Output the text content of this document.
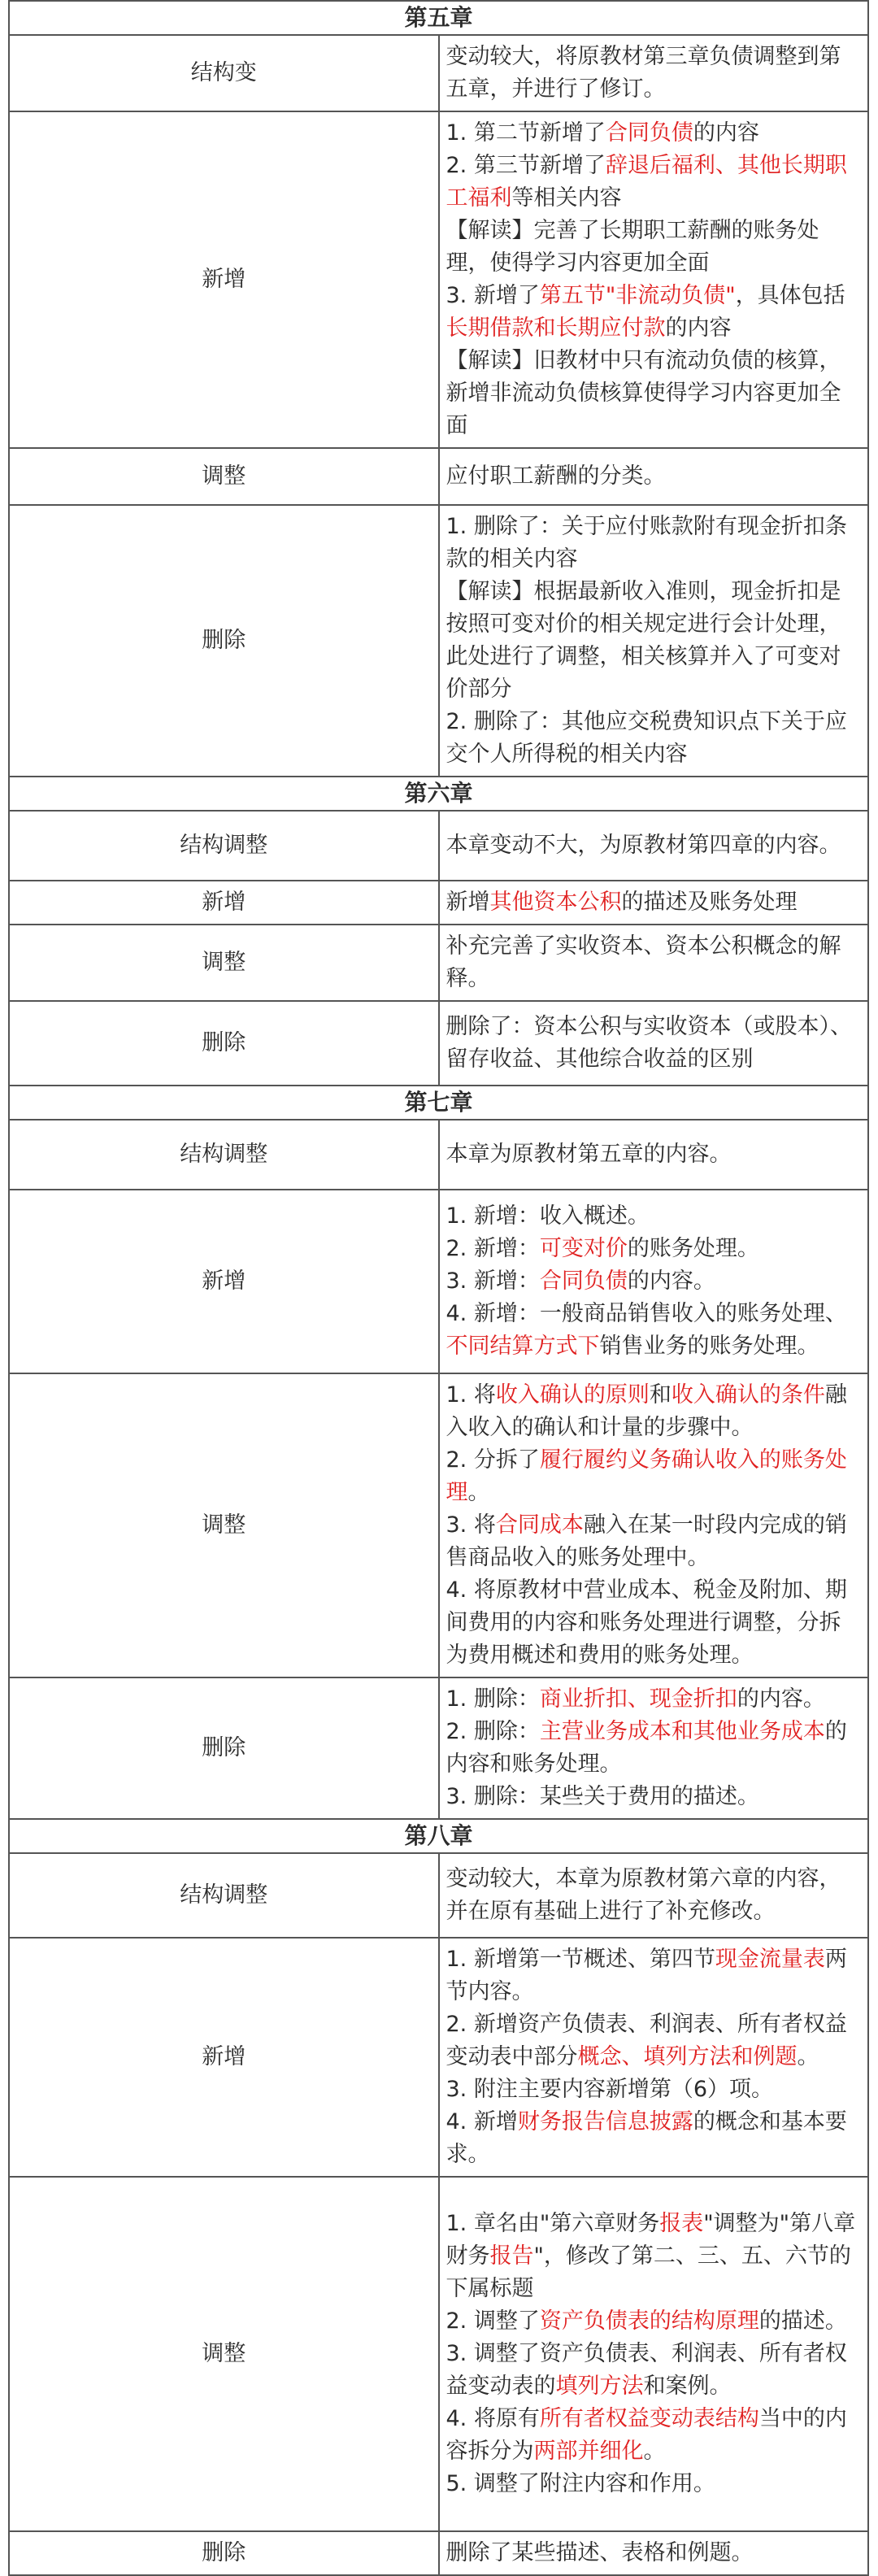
第五章	
结构变	变动较大，将原教材第三章负债调整到第五章，并进行了修订。

新增	1. 第二节新增了合同负债的内容
2. 第三节新增了辞退后福利、其他长期职工福利等相关内容
【解读】完善了长期职工薪酬的账务处理，使得学习内容更加全面
3. 新增了第五节"非流动负债"，具体包括长期借款和长期应付款的内容
【解读】旧教材中只有流动负债的核算，新增非流动负债核算使得学习内容更加全面

调整	应付职工薪酬的分类。

删除	1. 删除了：关于应付账款附有现金折扣条款的相关内容
【解读】根据最新收入准则，现金折扣是按照可变对价的相关规定进行会计处理，此处进行了调整，相关核算并入了可变对价部分
2. 删除了：其他应交税费知识点下关于应交个人所得税的相关内容

第六章	
结构调整	本章变动不大，为原教材第四章的内容。

新增	新增其他资本公积的描述及账务处理

调整	补充完善了实收资本、资本公积概念的解释。

删除	删除了：资本公积与实收资本（或股本）、留存收益、其他综合收益的区别

第七章	
结构调整	本章为原教材第五章的内容。

新增	1. 新增：收入概述。
2. 新增：可变对价的账务处理。
3. 新增：合同负债的内容。
4. 新增：一般商品销售收入的账务处理、不同结算方式下销售业务的账务处理。

调整	1. 将收入确认的原则和收入确认的条件融入收入的确认和计量的步骤中。
2. 分拆了履行履约义务确认收入的账务处理。
3. 将合同成本融入在某一时段内完成的销售商品收入的账务处理中。
4. 将原教材中营业成本、税金及附加、期间费用的内容和账务处理进行调整，分拆为费用概述和费用的账务处理。

删除	1. 删除：商业折扣、现金折扣的内容。
2. 删除：主营业务成本和其他业务成本的内容和账务处理。
3. 删除：某些关于费用的描述。

第八章	
结构调整	变动较大，本章为原教材第六章的内容，并在原有基础上进行了补充修改。

新增	1. 新增第一节概述、第四节现金流量表两节内容。
2. 新增资产负债表、利润表、所有者权益变动表中部分概念、填列方法和例题。
3. 附注主要内容新增第（6）项。
4. 新增财务报告信息披露的概念和基本要求。

调整	1. 章名由"第六章财务报表"调整为"第八章财务报告"，修改了第二、三、五、六节的下属标题
2. 调整了资产负债表的结构原理的描述。
3. 调整了资产负债表、利润表、所有者权益变动表的填列方法和案例。
4. 将原有所有者权益变动表结构当中的内容拆分为两部并细化。
5. 调整了附注内容和作用。

删除	删除了某些描述、表格和例题。
